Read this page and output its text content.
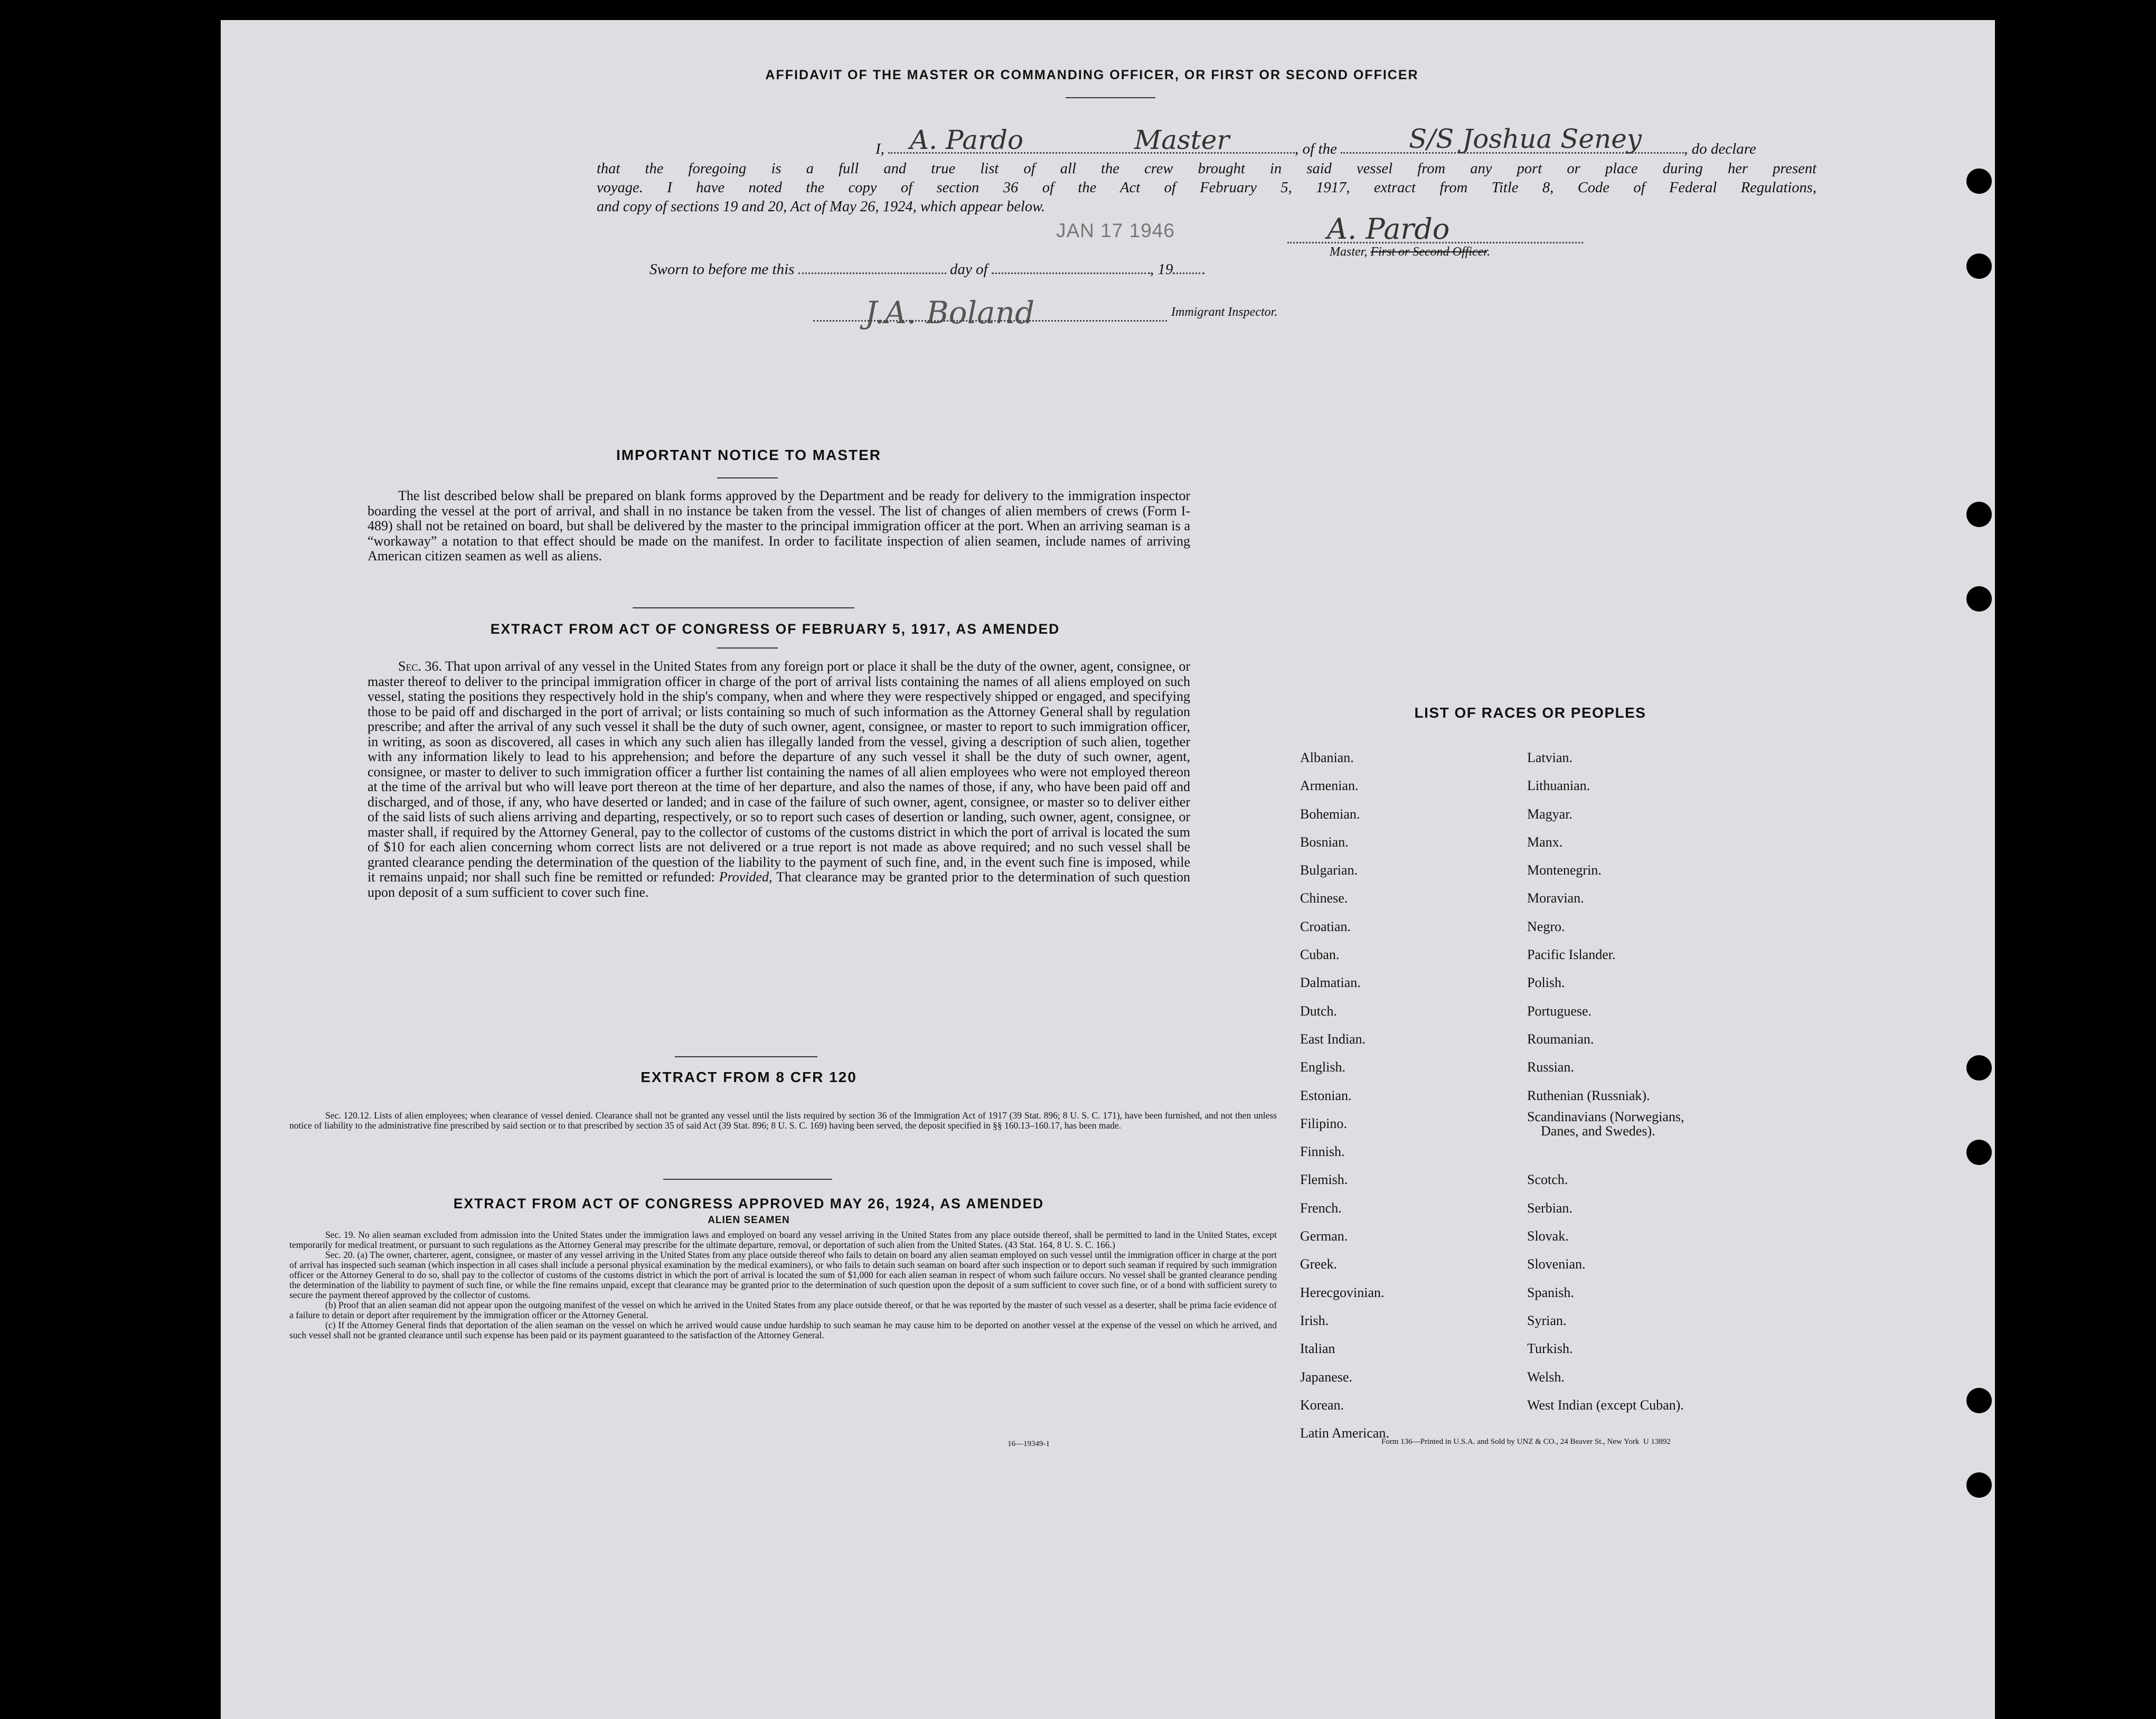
AFFIDAVIT OF THE MASTER OR COMMANDING OFFICER, OR FIRST OR SECOND OFFICER
I,	, of the	, do declare
A. Pardo	Master	S/S Joshua Seney
that the foregoing is a full and true list of all the crew brought in said vessel from any port or place during her present
voyage. I have noted the copy of section 36 of the Act of February 5, 1917, extract from Title 8, Code of Federal Regulations,
and copy of sections 19 and 20, Act of May 26, 1924, which appear below.
JAN 17 1946	A. Pardo
Master, First or Second Officer.
Sworn to before me this	day of	, 19
J.A. Boland	Immigrant Inspector.
IMPORTANT NOTICE TO MASTER
The list described below shall be prepared on blank forms approved by the Department and be ready for delivery to the immigration inspector boarding the vessel at the port of arrival, and shall in no instance be taken from the vessel. The list of changes of alien members of crews (Form I-489) shall not be retained on board, but shall be delivered by the master to the principal immigration officer at the port. When an arriving seaman is a “workaway” a notation to that effect should be made on the manifest. In order to facilitate inspection of alien seamen, include names of arriving American citizen seamen as well as aliens.
EXTRACT FROM ACT OF CONGRESS OF FEBRUARY 5, 1917, AS AMENDED
Sec. 36. That upon arrival of any vessel in the United States from any foreign port or place it shall be the duty of the owner, agent, consignee, or master thereof to deliver to the principal immigration officer in charge of the port of arrival lists containing the names of all aliens employed on such vessel, stating the positions they respectively hold in the ship's company, when and where they were respectively shipped or engaged, and specifying those to be paid off and discharged in the port of arrival; or lists containing so much of such information as the Attorney General shall by regulation prescribe; and after the arrival of any such vessel it shall be the duty of such owner, agent, consignee, or master to report to such immigration officer, in writing, as soon as discovered, all cases in which any such alien has illegally landed from the vessel, giving a description of such alien, together with any information likely to lead to his apprehension; and before the departure of any such vessel it shall be the duty of such owner, agent, consignee, or master to deliver to such immigration officer a further list containing the names of all alien employees who were not employed thereon at the time of the arrival but who will leave port thereon at the time of her departure, and also the names of those, if any, who have been paid off and discharged, and of those, if any, who have deserted or landed; and in case of the failure of such owner, agent, consignee, or master so to deliver either of the said lists of such aliens arriving and departing, respectively, or so to report such cases of desertion or landing, such owner, agent, consignee, or master shall, if required by the Attorney General, pay to the collector of customs of the customs district in which the port of arrival is located the sum of $10 for each alien concerning whom correct lists are not delivered or a true report is not made as above required; and no such vessel shall be granted clearance pending the determination of the question of the liability to the payment of such fine, and, in the event such fine is imposed, while it remains unpaid; nor shall such fine be remitted or refunded: Provided, That clearance may be granted prior to the determination of such question upon deposit of a sum sufficient to cover such fine.
EXTRACT FROM 8 CFR 120
Sec. 120.12. Lists of alien employees; when clearance of vessel denied. Clearance shall not be granted any vessel until the lists required by section 36 of the Immigration Act of 1917 (39 Stat. 896; 8 U. S. C. 171), have been furnished, and not then unless notice of liability to the administrative fine prescribed by said section or to that prescribed by section 35 of said Act (39 Stat. 896; 8 U. S. C. 169) having been served, the deposit specified in §§ 160.13–160.17, has been made.
EXTRACT FROM ACT OF CONGRESS APPROVED MAY 26, 1924, AS AMENDED
ALIEN SEAMEN
Sec. 19. No alien seaman excluded from admission into the United States under the immigration laws and employed on board any vessel arriving in the United States from any place outside thereof, shall be permitted to land in the United States, except temporarily for medical treatment, or pursuant to such regulations as the Attorney General may prescribe for the ultimate departure, removal, or deportation of such alien from the United States. (43 Stat. 164, 8 U. S. C. 166.)
Sec. 20. (a) The owner, charterer, agent, consignee, or master of any vessel arriving in the United States from any place outside thereof who fails to detain on board any alien seaman employed on such vessel until the immigration officer in charge at the port of arrival has inspected such seaman (which inspection in all cases shall include a personal physical examination by the medical examiners), or who fails to detain such seaman on board after such inspection or to deport such seaman if required by such immigration officer or the Attorney General to do so, shall pay to the collector of customs of the customs district in which the port of arrival is located the sum of $1,000 for each alien seaman in respect of whom such failure occurs. No vessel shall be granted clearance pending the determination of the liability to payment of such fine, or while the fine remains unpaid, except that clearance may be granted prior to the determination of such question upon the deposit of a sum sufficient to cover such fine, or of a bond with sufficient surety to secure the payment thereof approved by the collector of customs.
(b) Proof that an alien seaman did not appear upon the outgoing manifest of the vessel on which he arrived in the United States from any place outside thereof, or that he was reported by the master of such vessel as a deserter, shall be prima facie evidence of a failure to detain or deport after requirement by the immigration officer or the Attorney General.
(c) If the Attorney General finds that deportation of the alien seaman on the vessel on which he arrived would cause undue hardship to such seaman he may cause him to be deported on another vessel at the expense of the vessel on which he arrived, and such vessel shall not be granted clearance until such expense has been paid or its payment guaranteed to the satisfaction of the Attorney General.
16—19349-1
LIST OF RACES OR PEOPLES
Albanian.
Armenian.
Bohemian.
Bosnian.
Bulgarian.
Chinese.
Croatian.
Cuban.
Dalmatian.
Dutch.
East Indian.
English.
Estonian.
Filipino.
Finnish.
Flemish.
French.
German.
Greek.
Herecgovinian.
Irish.
Italian
Japanese.
Korean.
Latin American.
Latvian.
Lithuanian.
Magyar.
Manx.
Montenegrin.
Moravian.
Negro.
Pacific Islander.
Polish.
Portuguese.
Roumanian.
Russian.
Ruthenian (Russniak).
Scandinavians (Norwegians,
Danes, and Swedes).
Scotch.
Serbian.
Slovak.
Slovenian.
Spanish.
Syrian.
Turkish.
Welsh.
West Indian (except Cuban).
Form 136—Printed in U.S.A. and Sold by UNZ & CO., 24 Beaver St., New York  U 13892
